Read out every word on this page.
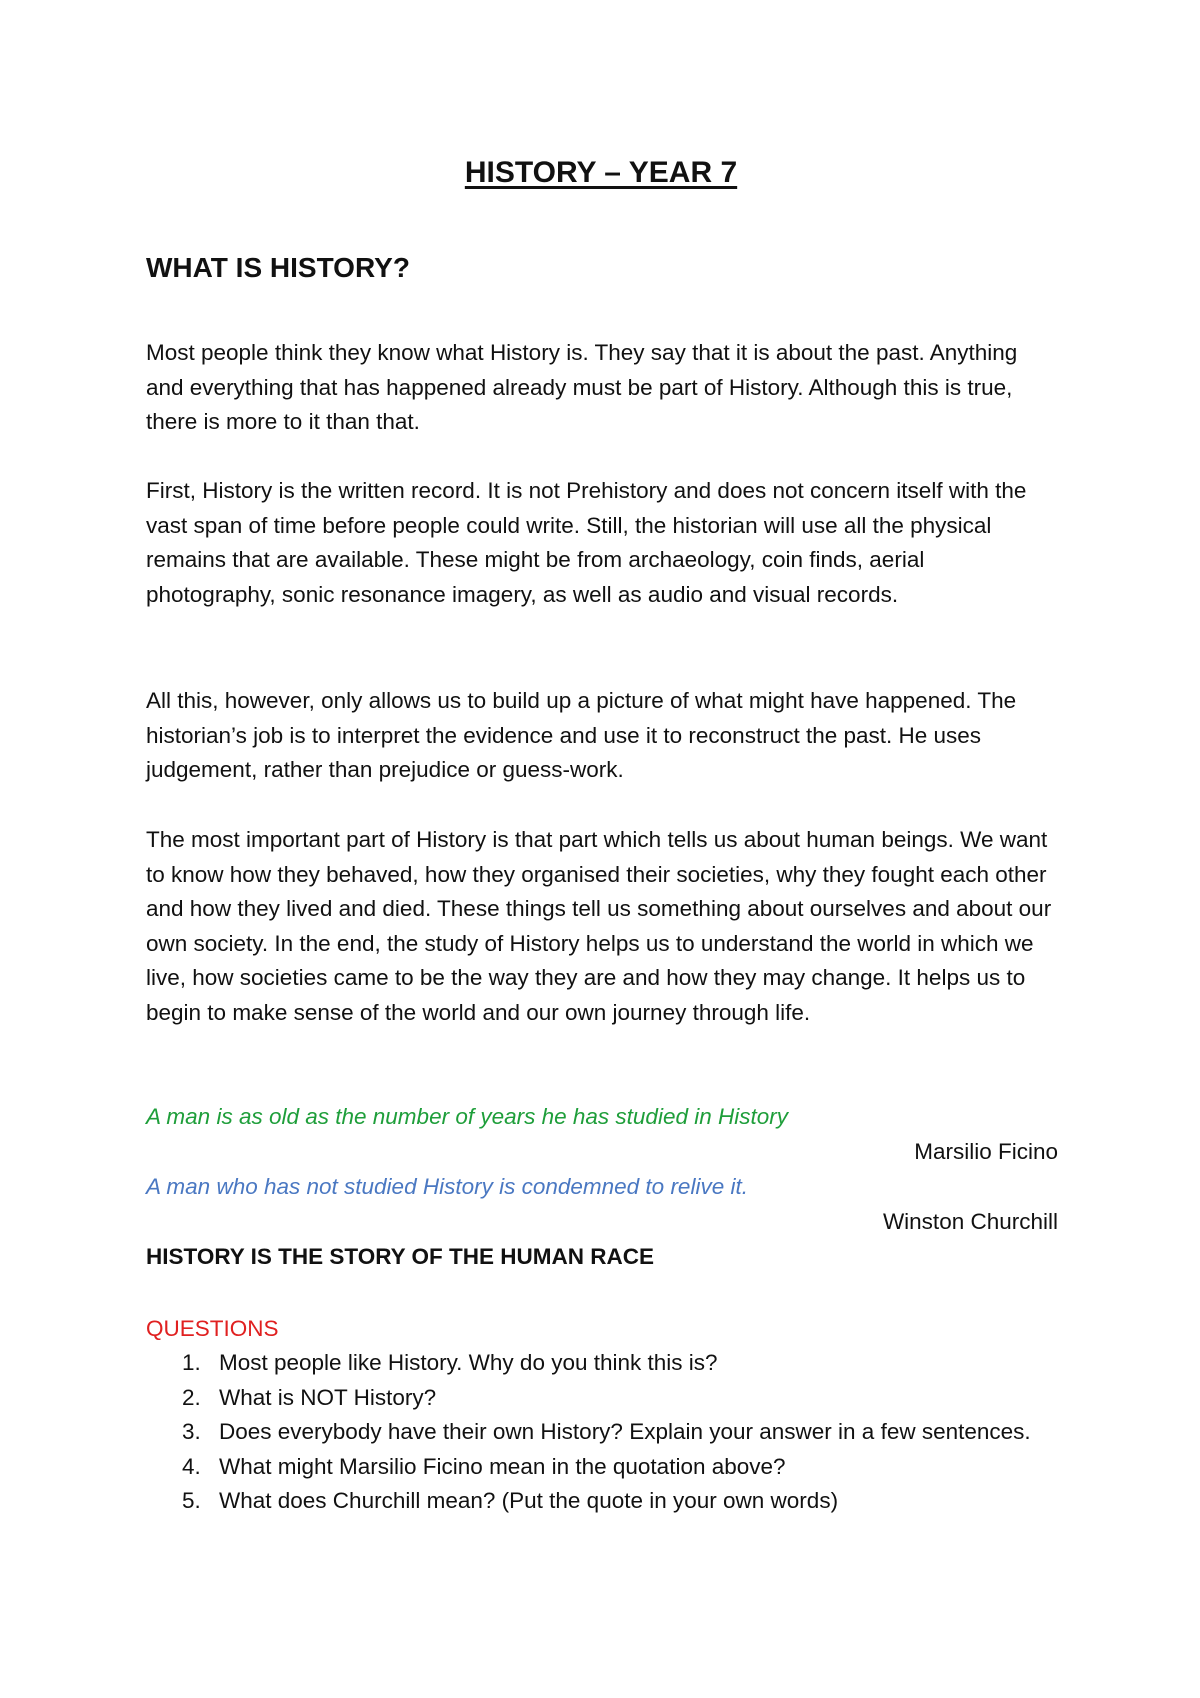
HISTORY – YEAR 7
WHAT IS HISTORY?

Most people think they know what History is. They say that it is about the past. Anything and everything that has happened already must be part of History. Although this is true, there is more to it than that.

First, History is the written record. It is not Prehistory and does not concern itself with the vast span of time before people could write. Still, the historian will use all the physical remains that are available. These might be from archaeology, coin finds, aerial photography, sonic resonance imagery, as well as audio and visual records.

All this, however, only allows us to build up a picture of what might have happened. The historian’s job is to interpret the evidence and use it to reconstruct the past. He uses judgement, rather than prejudice or guess-work.

The most important part of History is that part which tells us about human beings. We want to know how they behaved, how they organised their societies, why they fought each other and how they lived and died. These things tell us something about ourselves and about our own society. In the end, the study of History helps us to understand the world in which we live, how societies came to be the way they are and how they may change. It helps us to begin to make sense of the world and our own journey through life.

A man is as old as the number of years he has studied in History

Marsilio Ficino

A man who has not studied History is condemned to relive it.

Winston Churchill

HISTORY IS THE STORY OF THE HUMAN RACE

QUESTIONS

1. Most people like History. Why do you think this is?
2. What is NOT History?
3. Does everybody have their own History? Explain your answer in a few sentences.
4. What might Marsilio Ficino mean in the quotation above?
5. What does Churchill mean? (Put the quote in your own words)
